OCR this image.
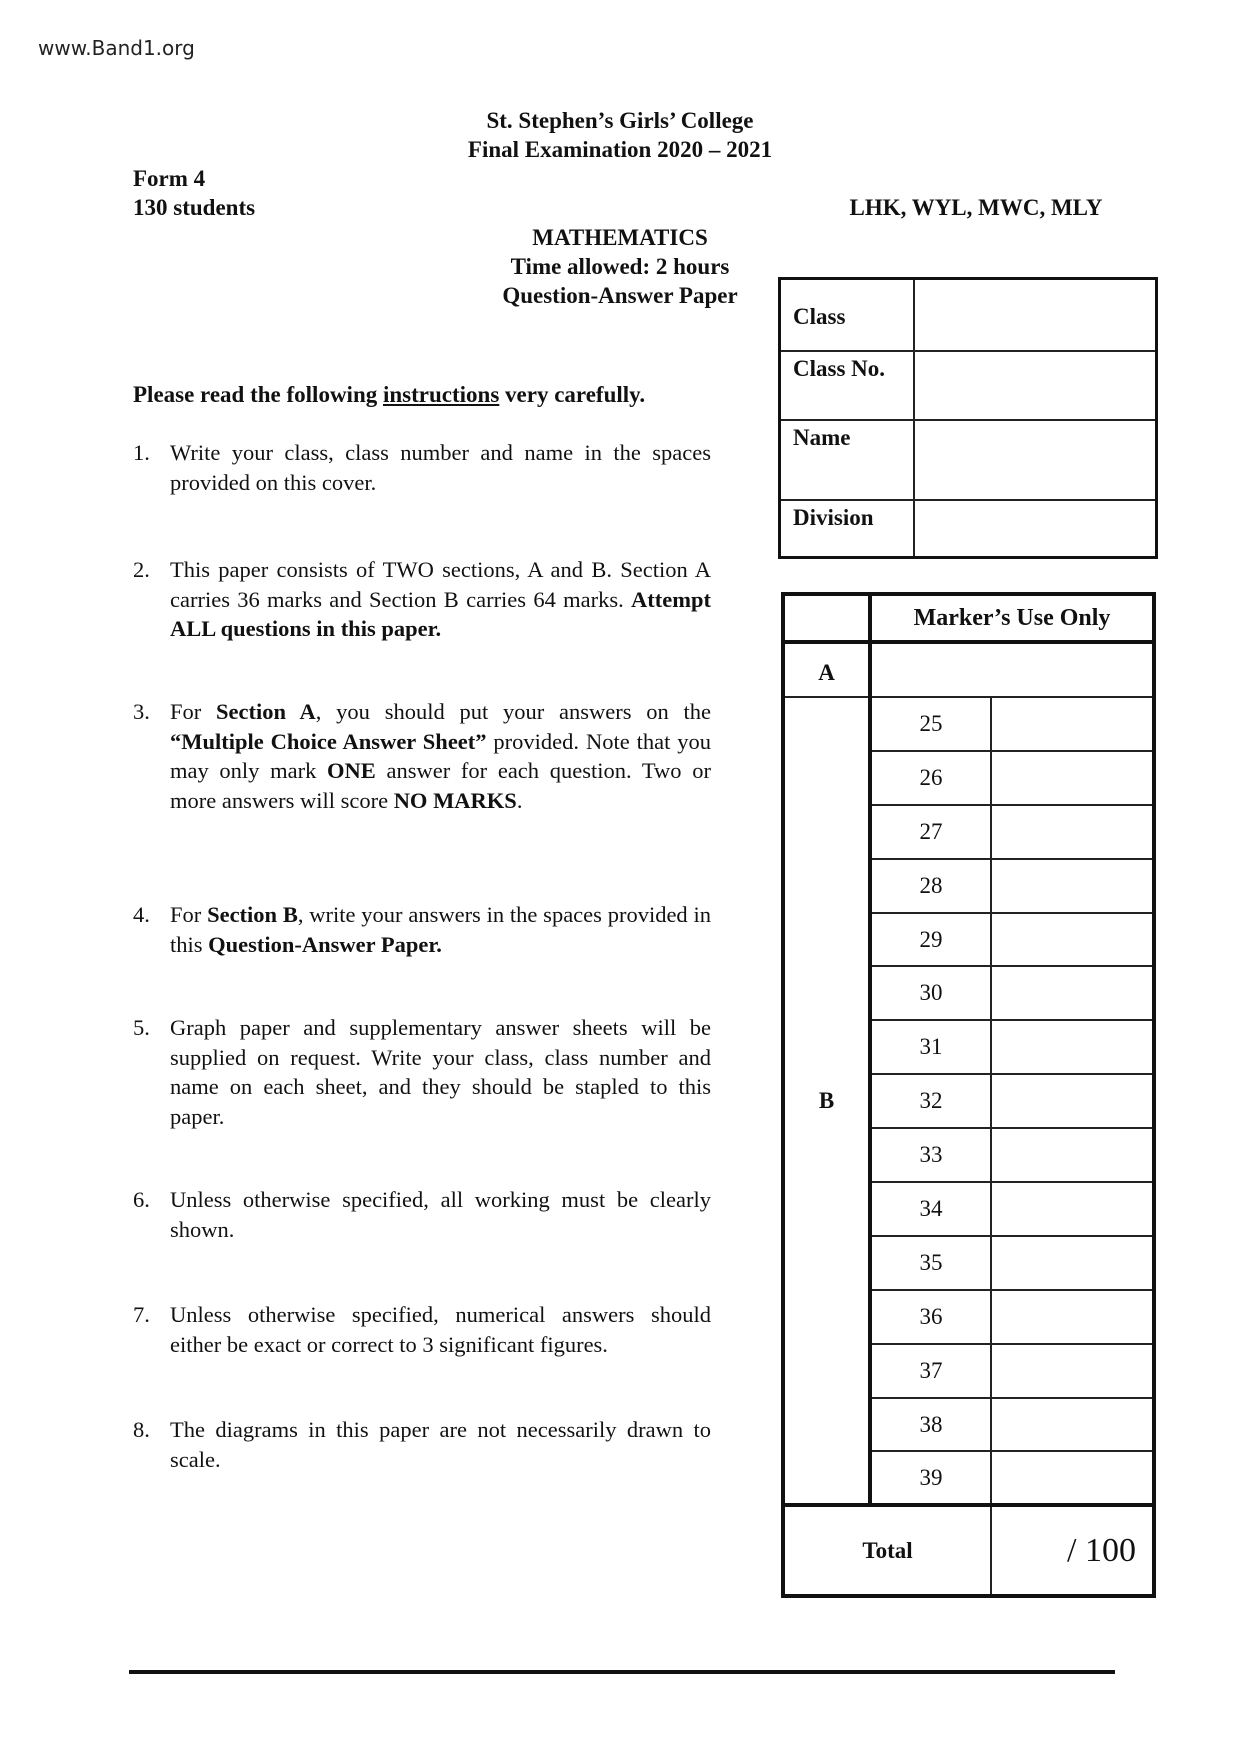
www.Band1.org
St. Stephen’s Girls’ College
Final Examination 2020 – 2021
Form 4
130 students	LHK, WYL, MWC, MLY
MATHEMATICS
Time allowed: 2 hours
Question-Answer Paper
Please read the following instructions very carefully.
1. Write your class, class number and name in the spaces provided on this cover.
2. This paper consists of TWO sections, A and B. Section A carries 36 marks and Section B carries 64 marks. Attempt ALL questions in this paper.
3. For Section A, you should put your answers on the “Multiple Choice Answer Sheet” provided. Note that you may only mark ONE answer for each question. Two or more answers will score NO MARKS.
4. For Section B, write your answers in the spaces provided in this Question-Answer Paper.
5. Graph paper and supplementary answer sheets will be supplied on request. Write your class, class number and name on each sheet, and they should be stapled to this paper.
6. Unless otherwise specified, all working must be clearly shown.
7. Unless otherwise specified, numerical answers should either be exact or correct to 3 significant figures.
8. The diagrams in this paper are not necessarily drawn to scale.
Class	
Class No.	
Name	
Division	
	Marker’s Use Only	
A		
B	25	
	26	
	27	
	28	
	29	
	30	
	31	
	32	
	33	
	34	
	35	
	36	
	37	
	38	
	39	
Total		/ 100
